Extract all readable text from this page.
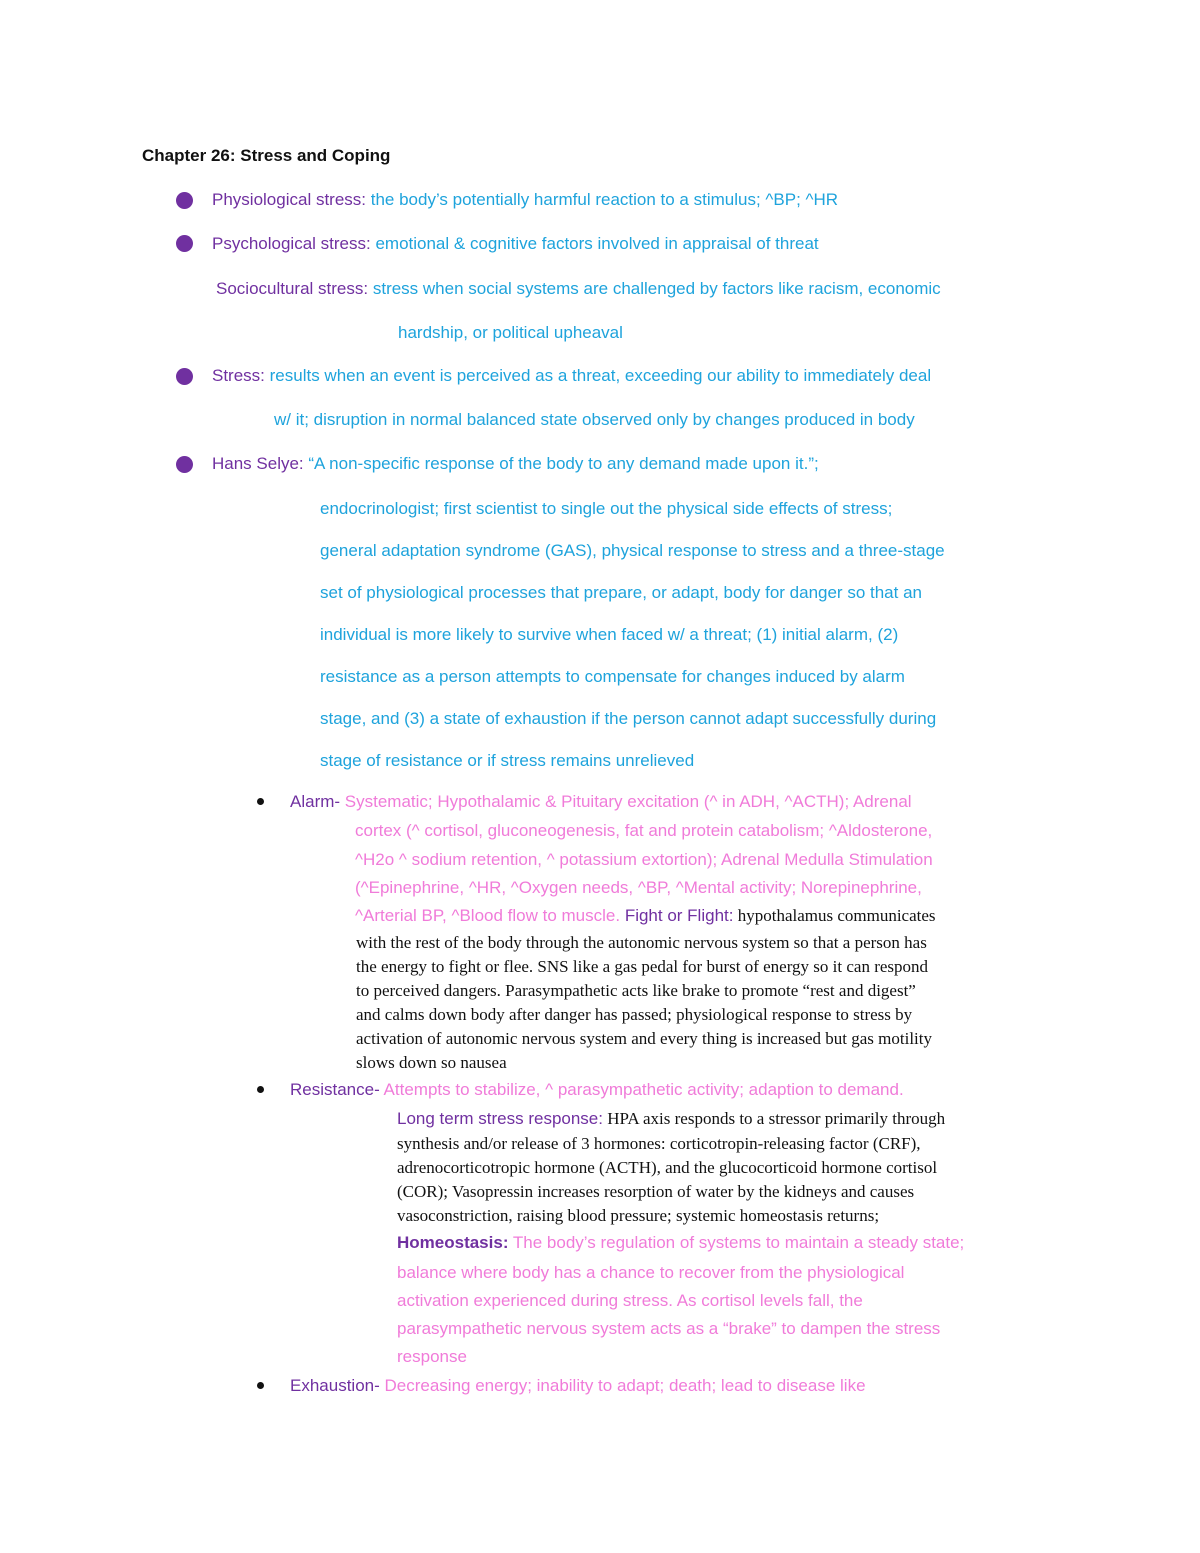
Chapter 26: Stress and Coping
Physiological stress: the body’s potentially harmful reaction to a stimulus; ^BP; ^HR
Psychological stress: emotional & cognitive factors involved in appraisal of threat
Sociocultural stress: stress when social systems are challenged by factors like racism, economic
hardship, or political upheaval
Stress: results when an event is perceived as a threat, exceeding our ability to immediately deal
w/ it; disruption in normal balanced state observed only by changes produced in body
Hans Selye: “A non-specific response of the body to any demand made upon it.”;
endocrinologist; first scientist to single out the physical side effects of stress;
general adaptation syndrome (GAS), physical response to stress and a three-stage
set of physiological processes that prepare, or adapt, body for danger so that an
individual is more likely to survive when faced w/ a threat; (1) initial alarm, (2)
resistance as a person attempts to compensate for changes induced by alarm
stage, and (3) a state of exhaustion if the person cannot adapt successfully during
stage of resistance or if stress remains unrelieved
Alarm- Systematic; Hypothalamic & Pituitary excitation (^ in ADH, ^ACTH); Adrenal
cortex (^ cortisol, gluconeogenesis, fat and protein catabolism; ^Aldosterone,
^H2o ^ sodium retention, ^ potassium extortion); Adrenal Medulla Stimulation
(^Epinephrine, ^HR, ^Oxygen needs, ^BP, ^Mental activity; Norepinephrine,
^Arterial BP, ^Blood flow to muscle. Fight or Flight: hypothalamus communicates
with the rest of the body through the autonomic nervous system so that a person has
the energy to fight or flee. SNS like a gas pedal for burst of energy so it can respond
to perceived dangers. Parasympathetic acts like brake to promote “rest and digest”
and calms down body after danger has passed; physiological response to stress by
activation of autonomic nervous system and every thing is increased but gas motility
slows down so nausea
Resistance- Attempts to stabilize, ^ parasympathetic activity; adaption to demand.
Long term stress response: HPA axis responds to a stressor primarily through
synthesis and/or release of 3 hormones: corticotropin-releasing factor (CRF),
adrenocorticotropic hormone (ACTH), and the glucocorticoid hormone cortisol
(COR); Vasopressin increases resorption of water by the kidneys and causes
vasoconstriction, raising blood pressure; systemic homeostasis returns;
Homeostasis: The body’s regulation of systems to maintain a steady state;
balance where body has a chance to recover from the physiological
activation experienced during stress. As cortisol levels fall, the
parasympathetic nervous system acts as a “brake” to dampen the stress
response
Exhaustion- Decreasing energy; inability to adapt; death; lead to disease like
